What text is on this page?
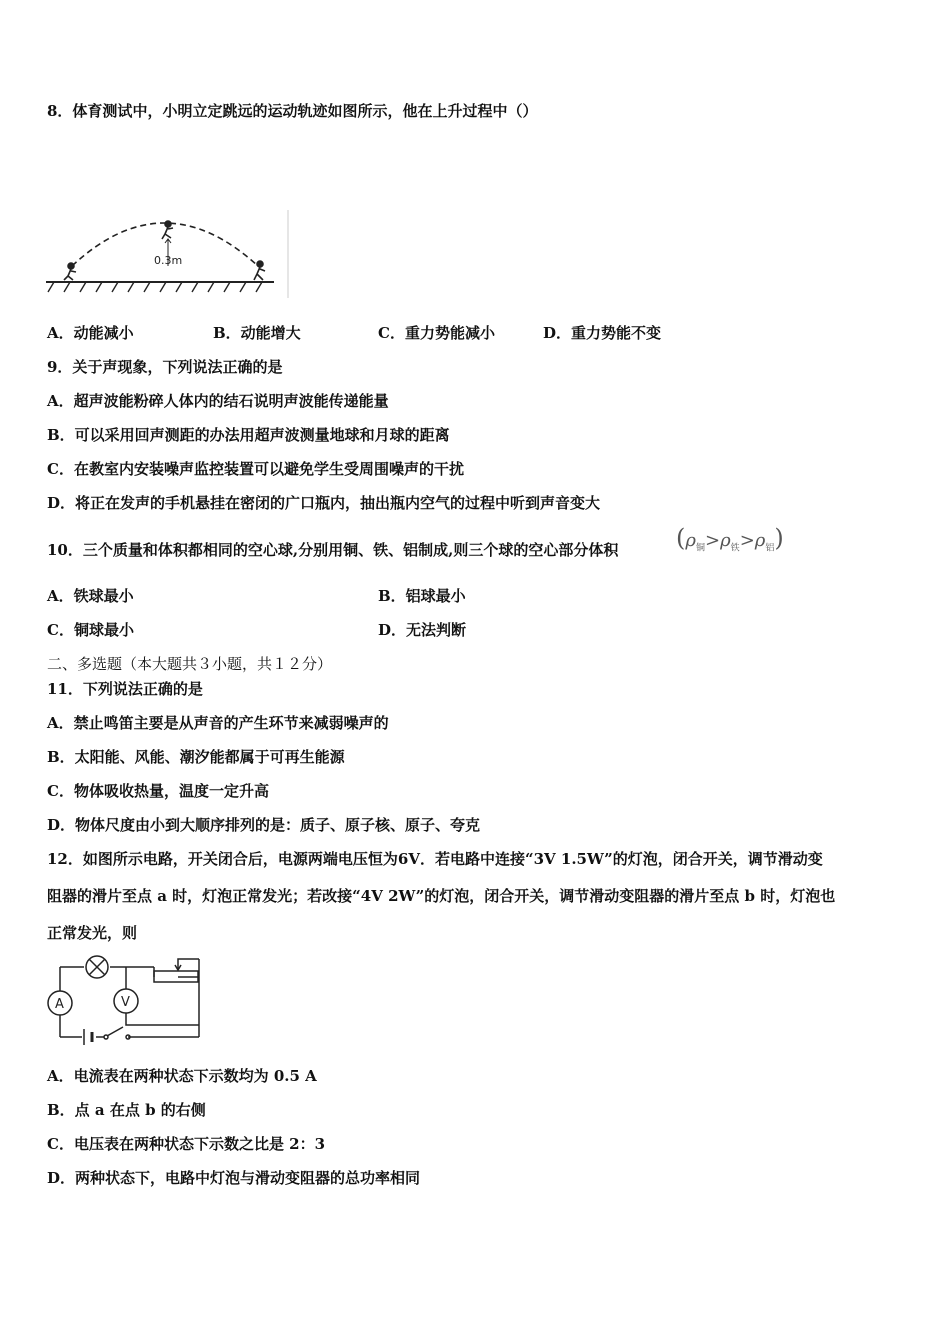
8．体育测试中，小明立定跳远的运动轨迹如图所示，他在上升过程中（）
0.3m
A．动能减小	B．动能增大	C．重力势能减小	D．重力势能不变
9．关于声现象，下列说法正确的是
A．超声波能粉碎人体内的结石说明声波能传递能量
B．可以采用回声测距的办法用超声波测量地球和月球的距离
C．在教室内安装噪声监控装置可以避免学生受周围噪声的干扰
D．将正在发声的手机悬挂在密闭的广口瓶内，抽出瓶内空气的过程中听到声音变大
10．三个质量和体积都相同的空心球,分别用铜、铁、铝制成,则三个球的空心部分体积 $(\rho_铜>\rho_铁>\rho_铝)$
A．铁球最小	B．铝球最小
C．铜球最小	D．无法判断
二、多选题（本大题共３小题，共１２分）
11．下列说法正确的是
A．禁止鸣笛主要是从声音的产生环节来减弱噪声的
B．太阳能、风能、潮汐能都属于可再生能源
C．物体吸收热量，温度一定升高
D．物体尺度由小到大顺序排列的是：质子、原子核、原子、夸克
12．如图所示电路，开关闭合后，电源两端电压恒为6V．若电路中连接“3V 1.5W”的灯泡，闭合开关，调节滑动变
阻器的滑片至点 a 时，灯泡正常发光；若改接“4V 2W”的灯泡，闭合开关，调节滑动变阻器的滑片至点 b 时，灯泡也
正常发光，则
A	V
A．电流表在两种状态下示数均为 0.5 A
B．点 a 在点 b 的右侧
C．电压表在两种状态下示数之比是 2：3
D．两种状态下，电路中灯泡与滑动变阻器的总功率相同
